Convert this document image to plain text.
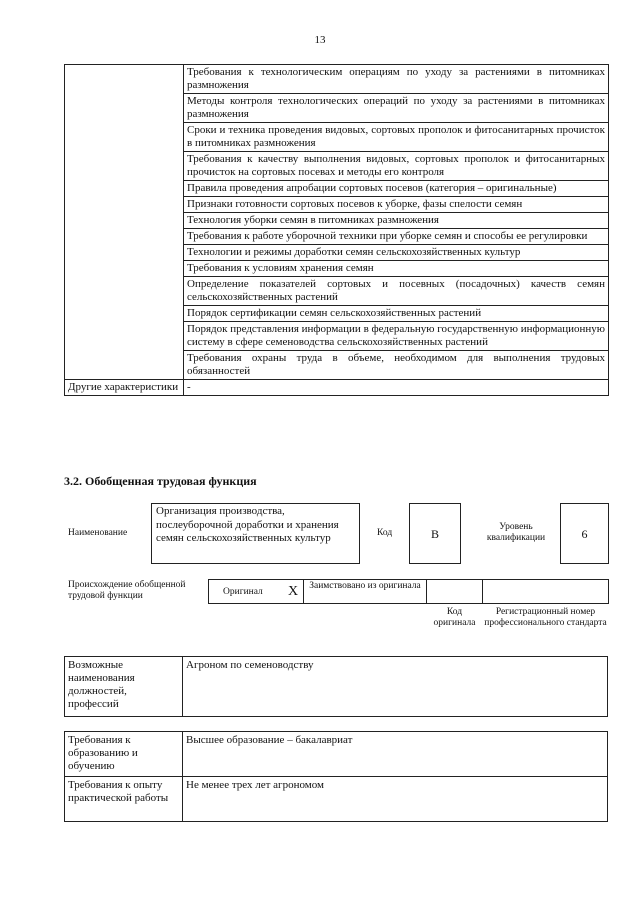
13
	Требования к технологическим операциям по уходу за растениями в питомниках размножения
	Методы контроля технологических операций по уходу за растениями в питомниках размножения
	Сроки и техника проведения видовых, сортовых прополок и фитосанитарных прочисток в питомниках размножения
	Требования к качеству выполнения видовых, сортовых прополок и фитосанитарных прочисток на сортовых посевах и методы его контроля
	Правила проведения апробации сортовых посевов (категория – оригинальные)
	Признаки готовности сортовых посевов к уборке, фазы спелости семян
	Технология уборки семян в питомниках размножения
	Требования к работе уборочной техники при уборке семян и способы ее регулировки
	Технологии и режимы доработки семян сельскохозяйственных культур
	Требования к условиям хранения семян
	Определение показателей сортовых и посевных (посадочных) качеств семян сельскохозяйственных растений
	Порядок сертификации семян сельскохозяйственных растений
	Порядок представления информации в федеральную государственную информационную систему в сфере семеноводства сельскохозяйственных растений
	Требования охраны труда в объеме, необходимом для выполнения трудовых обязанностей
Другие характеристики	-
3.2. Обобщенная трудовая функция
Наименование
Организация производства, послеуборочной доработки и хранения семян сельскохозяйственных культур	Код	В	Уровень квалификации	6
Происхождение обобщенной трудовой функции	Оригинал X	Заимствовано из оригинала
Код оригинала
Регистрационный номер профессионального стандарта
Возможные наименования должностей, профессий	Агроном по семеноводству
Требования к образованию и обучению	Высшее образование – бакалавриат
Требования к опыту практической работы	Не менее трех лет агрономом
